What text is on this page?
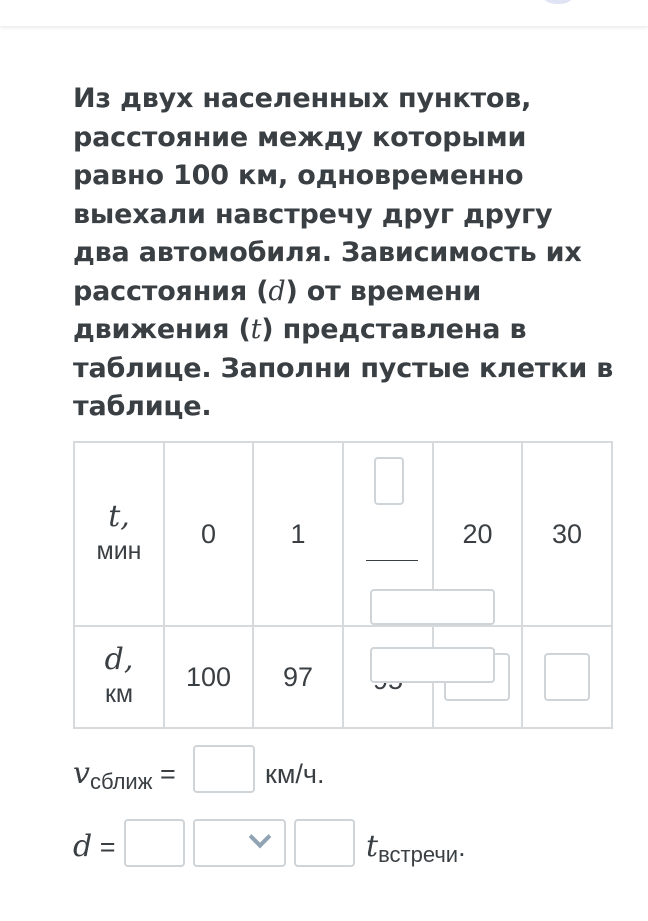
Из двух населенных пунктов, расстояние между которыми равно 100 км, одновременно выехали навстречу друг другу два автомобиля. Зависимость их расстояния (d) от времени движения (t) представлена в таблице. Заполни пустые клетки в таблице.

t,
мин	0	1		20	30

d,
км	100	97	

$v_{сближ}$ =	км/ч.
d =	$t_{встречи}$.
